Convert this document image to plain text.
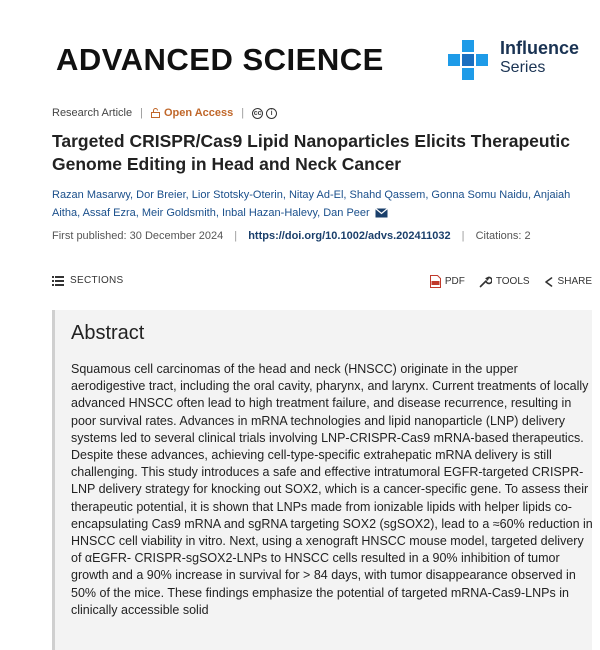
ADVANCED SCIENCE	Influence
Series
Research Article | Open Access | cc	i
Targeted CRISPR/Cas9 Lipid Nanoparticles Elicits Therapeutic Genome Editing in Head and Neck Cancer
Razan Masarwy, Dor Breier, Lior Stotsky-Oterin, Nitay Ad-El, Shahd Qassem, Gonna Somu Naidu, Anjaiah Aitha, Assaf Ezra, Meir Goldsmith, Inbal Hazan-Halevy, Dan Peer
First published: 30 December 2024 | https://doi.org/10.1002/advs.202411032 | Citations: 2
SECTIONS	PDF	TOOLS	SHARE
Abstract

Squamous cell carcinomas of the head and neck (HNSCC) originate in the upper aerodigestive tract, including the oral cavity, pharynx, and larynx. Current treatments of locally advanced HNSCC often lead to high treatment failure, and disease recurrence, resulting in poor survival rates. Advances in mRNA technologies and lipid nanoparticle (LNP) delivery systems led to several clinical trials involving LNP-CRISPR-Cas9 mRNA-based therapeutics. Despite these advances, achieving cell-type-specific extrahepatic mRNA delivery is still challenging. This study introduces a safe and effective intratumoral EGFR-targeted CRISPR-LNP delivery strategy for knocking out SOX2, which is a cancer-specific gene. To assess their therapeutic potential, it is shown that LNPs made from ionizable lipids with helper lipids co-encapsulating Cas9 mRNA and sgRNA targeting SOX2 (sgSOX2), lead to a ≈60% reduction in HNSCC cell viability in vitro. Next, using a xenograft HNSCC mouse model, targeted delivery of αEGFR- CRISPR-sgSOX2-LNPs to HNSCC cells resulted in a 90% inhibition of tumor growth and a 90% increase in survival for > 84 days, with tumor disappearance observed in 50% of the mice. These findings emphasize the potential of targeted mRNA-Cas9-LNPs in clinically accessible solid
